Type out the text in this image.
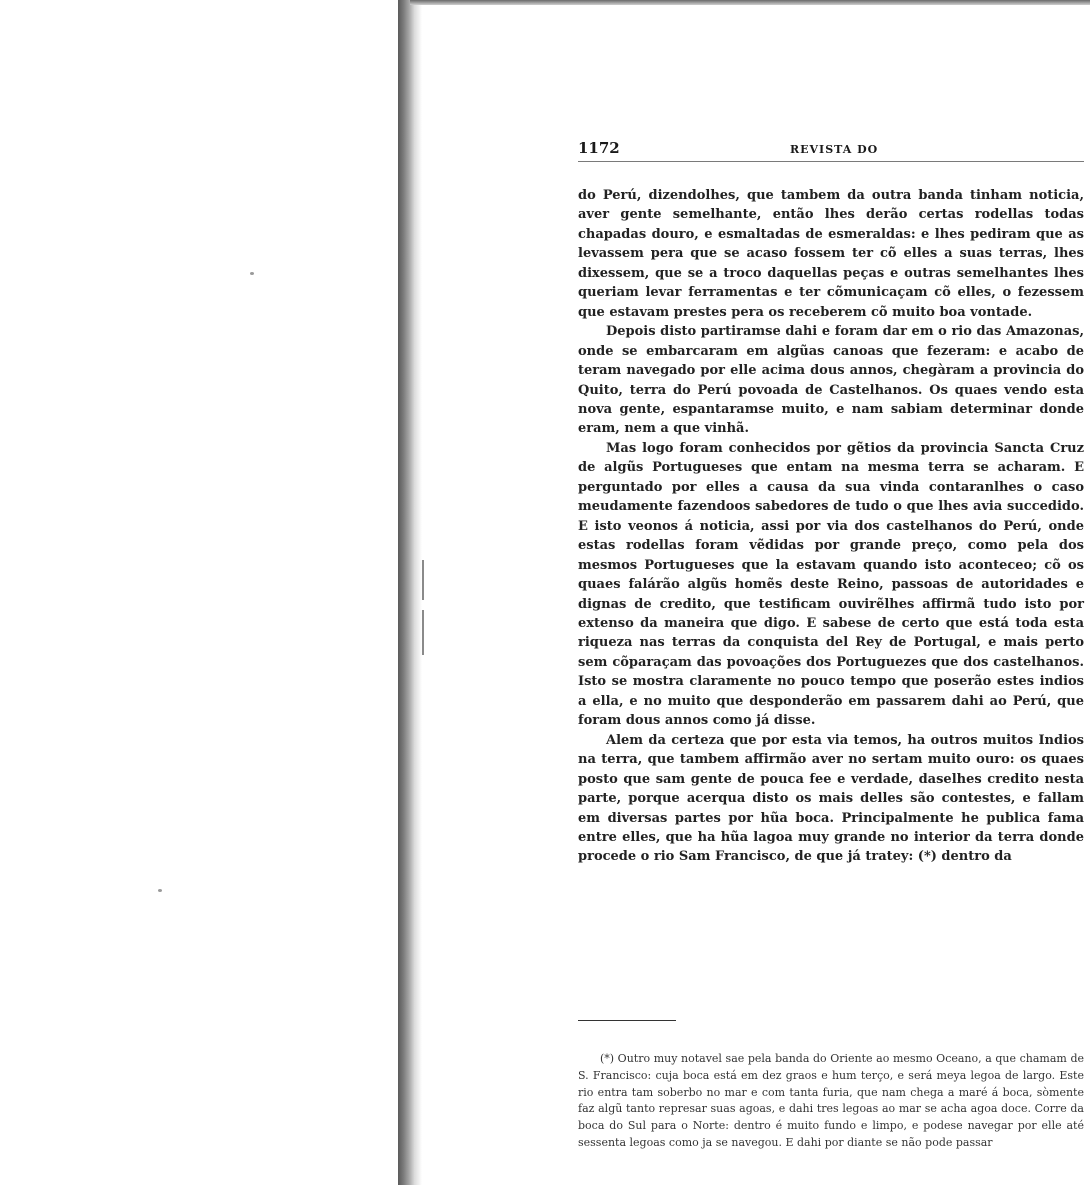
1172	REVISTA DO

do Perú, dizendolhes, que tambem da outra banda tinham noticia, aver gente semelhante, então lhes derão certas rodellas todas chapadas douro, e esmaltadas de esmeraldas: e lhes pediram que as levassem pera que se acaso fossem ter cõ elles a suas terras, lhes dixessem, que se a troco daquellas peças e outras semelhantes lhes queriam levar ferramentas e ter cõmunicaçam cõ elles, o fezessem que estavam prestes pera os receberem cõ muito boa vontade.

Depois disto partiramse dahi e foram dar em o rio das Amazonas, onde se embarcaram em algũas canoas que fezeram: e acabo de teram navegado por elle acima dous annos, chegàram a provincia do Quito, terra do Perú povoada de Castelhanos. Os quaes vendo esta nova gente, espantaramse muito, e nam sabiam determinar donde eram, nem a que vinhã.

Mas logo foram conhecidos por gẽtios da provincia Sancta Cruz de algũs Portugueses que entam na mesma terra se acharam. E perguntado por elles a causa da sua vinda contaranlhes o caso meudamente fazendoos sabedores de tudo o que lhes avia succedido. E isto veonos á noticia, assi por via dos castelhanos do Perú, onde estas rodellas foram vẽdidas por grande preço, como pela dos mesmos Portugueses que la estavam quando isto aconteceo; cõ os quaes falárão algũs homẽs deste Reino, passoas de autoridades e dignas de credito, que testificam ouvirẽlhes affirmã tudo isto por extenso da maneira que digo. E sabese de certo que está toda esta riqueza nas terras da conquista del Rey de Portugal, e mais perto sem cõparaçam das povoações dos Portuguezes que dos castelhanos. Isto se mostra claramente no pouco tempo que poserão estes indios a ella, e no muito que desponderão em passarem dahi ao Perú, que foram dous annos como já disse.

Alem da certeza que por esta via temos, ha outros muitos Indios na terra, que tambem affirmão aver no sertam muito ouro: os quaes posto que sam gente de pouca fee e verdade, daselhes credito nesta parte, porque acerqua disto os mais delles são contestes, e fallam em diversas partes por hũa boca. Principalmente he publica fama entre elles, que ha hũa lagoa muy grande no interior da terra donde procede o rio Sam Francisco, de que já tratey: (*) dentro da

(*) Outro muy notavel sae pela banda do Oriente ao mesmo Oceano, a que chamam de S. Francisco: cuja boca está em dez graos e hum terço, e será meya legoa de largo. Este rio entra tam soberbo no mar e com tanta furia, que nam chega a maré á boca, sòmente faz algũ tanto represar suas agoas, e dahi tres legoas ao mar se acha agoa doce. Corre da boca do Sul para o Norte: dentro é muito fundo e limpo, e podese navegar por elle até sessenta legoas como ja se navegou. E dahi por diante se não pode passar
